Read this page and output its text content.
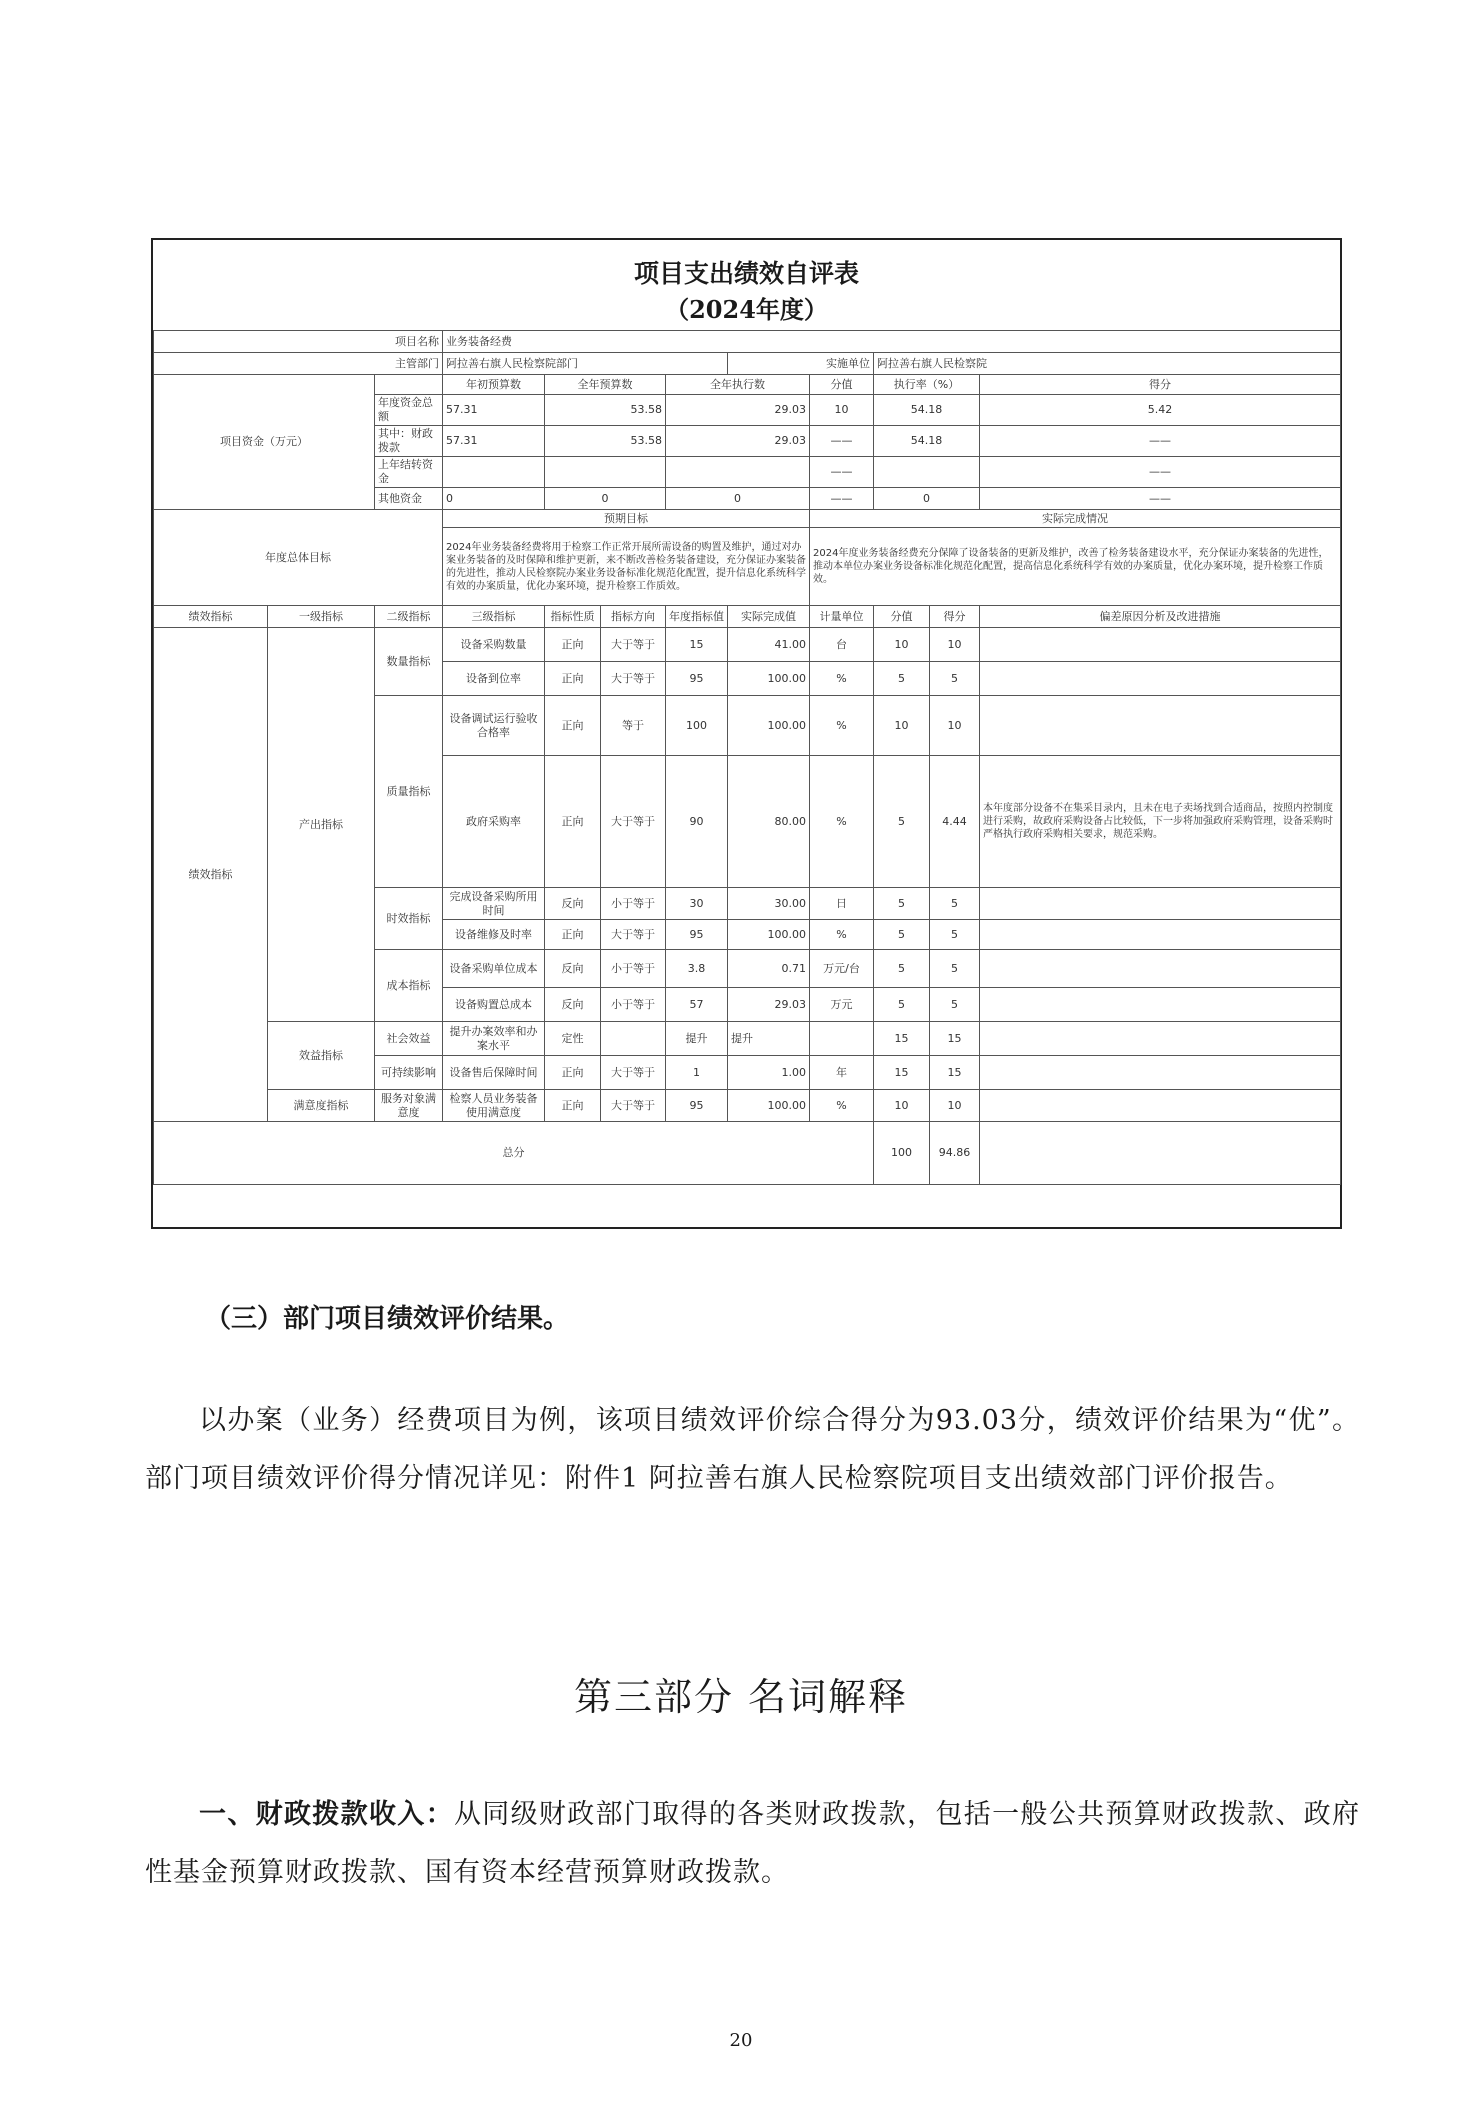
项目支出绩效自评表
（2024年度）
项目名称			业务装备经费								
主管部门			阿拉善右旗人民检察院部门				实施单位		阿拉善右旗人民检察院		
项目资金（万元）			年初预算数	全年预算数		全年执行数		分值	执行率（%）		得分
		年度资金总额	57.31	53.58		29.03		10	54.18		5.42
		其中：财政拨款	57.31	53.58		29.03		——	54.18		——
		上年结转资金						——			——
		其他资金	0	0		0		——	0		——
年度总体目标			预期目标					实际完成情况			
			2024年业务装备经费将用于检察工作正常开展所需设备的购置及维护，通过对办案业务装备的及时保障和维护更新，来不断改善检务装备建设，充分保证办案装备的先进性，推动人民检察院办案业务设备标准化规范化配置，提升信息化系统科学有效的办案质量，优化办案环境，提升检察工作质效。					2024年度业务装备经费充分保障了设备装备的更新及维护，改善了检务装备建设水平，充分保证办案装备的先进性，推动本单位办案业务设备标准化规范化配置，提高信息化系统科学有效的办案质量，优化办案环境，提升检察工作质效。			
绩效指标	一级指标	二级指标	三级指标	指标性质	指标方向	年度指标值	实际完成值	计量单位	分值	得分	偏差原因分析及改进措施
绩效指标	产出指标	数量指标	设备采购数量	正向	大于等于	15	41.00	台	10	10	
			设备到位率	正向	大于等于	95	100.00	%	5	5	
		质量指标	设备调试运行验收合格率	正向	等于	100	100.00	%	10	10	
			政府采购率	正向	大于等于	90	80.00	%	5	4.44	本年度部分设备不在集采目录内，且未在电子卖场找到合适商品，按照内控制度进行采购，故政府采购设备占比较低，下一步将加强政府采购管理，设备采购时严格执行政府采购相关要求，规范采购。
		时效指标	完成设备采购所用时间	反向	小于等于	30	30.00	日	5	5	
			设备维修及时率	正向	大于等于	95	100.00	%	5	5	
		成本指标	设备采购单位成本	反向	小于等于	3.8	0.71	万元/台	5	5	
			设备购置总成本	反向	小于等于	57	29.03	万元	5	5	
	效益指标	社会效益	提升办案效率和办案水平	定性		提升	提升		15	15	
		可持续影响	设备售后保障时间	正向	大于等于	1	1.00	年	15	15	
	满意度指标	服务对象满意度	检察人员业务装备使用满意度	正向	大于等于	95	100.00	%	10	10	
总分									100	94.86	
（三）部门项目绩效评价结果。
以办案（业务）经费项目为例，该项目绩效评价综合得分为93.03分，绩效评价结果为“优”。部门项目绩效评价得分情况详见：附件1 阿拉善右旗人民检察院项目支出绩效部门评价报告。
第三部分 名词解释
一、财政拨款收入：从同级财政部门取得的各类财政拨款，包括一般公共预算财政拨款、政府性基金预算财政拨款、国有资本经营预算财政拨款。
20
